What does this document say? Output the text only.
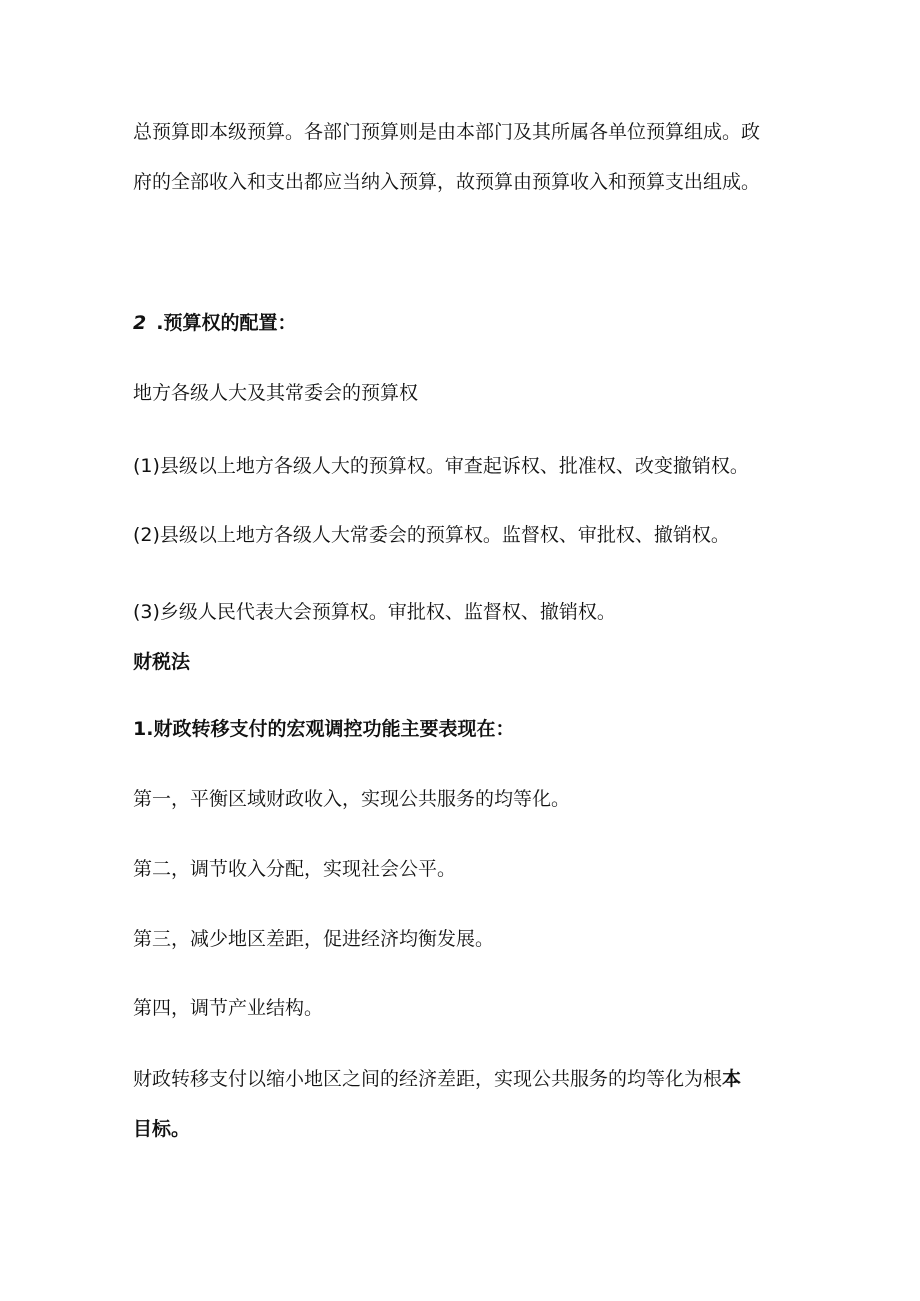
总预算即本级预算。各部门预算则是由本部门及其所属各单位预算组成。政

府的全部收入和支出都应当纳入预算，故预算由预算收入和预算支出组成。

2 .预算权的配置：

地方各级人大及其常委会的预算权

(1)县级以上地方各级人大的预算权。审查起诉权、批准权、改变撤销权。

(2)县级以上地方各级人大常委会的预算权。监督权、审批权、撤销权。

(3)乡级人民代表大会预算权。审批权、监督权、撤销权。

财税法

1.财政转移支付的宏观调控功能主要表现在：

第一，平衡区域财政收入，实现公共服务的均等化。

第二，调节收入分配，实现社会公平。

第三，减少地区差距，促进经济均衡发展。

第四，调节产业结构。

财政转移支付以缩小地区之间的经济差距，实现公共服务的均等化为根本

目标。
